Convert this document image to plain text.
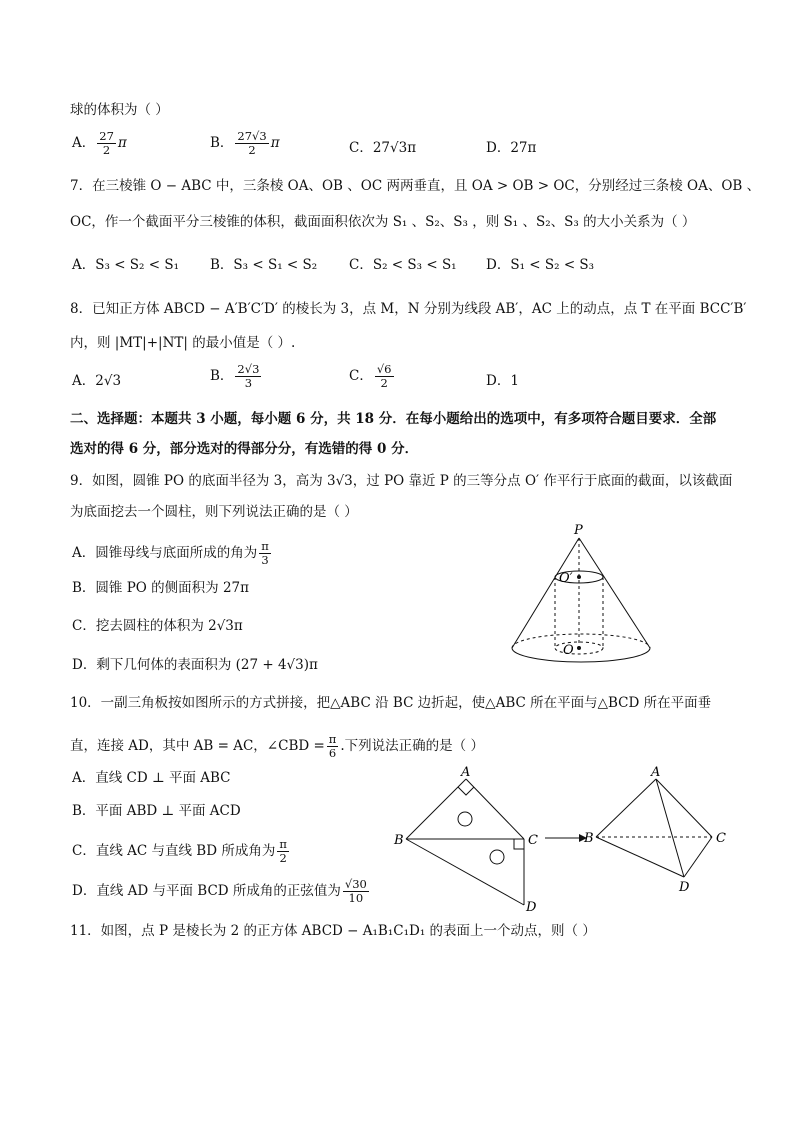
球的体积为（ ）
A． $\frac{27}{2}$ π	B． $\frac{27√3}{2}$ π	C．27√3π	D．27π
7．在三棱锥 O − ABC 中，三条棱 OA、OB 、OC 两两垂直，且 OA > OB > OC，分别经过三条棱 OA、OB 、
OC，作一个截面平分三棱锥的体积，截面面积依次为 S₁ 、S₂、S₃ ，则 S₁ 、S₂、S₃ 的大小关系为（ ）
A．S₃ < S₂ < S₁ B．S₃ < S₁ < S₂ C．S₂ < S₃ < S₁ D．S₁ < S₂ < S₃
8．已知正方体 ABCD − A′B′C′D′ 的棱长为 3，点 M，N 分别为线段 AB′，AC 上的动点，点 T 在平面 BCC′B′
内，则 |MT|+|NT| 的最小值是（ ）.
A．2√3	B． $\frac{2√3}{3}$	C． $\frac{√6}{2}$	D．1
二、选择题：本题共 3 小题，每小题 6 分，共 18 分．在每小题给出的选项中，有多项符合题目要求．全部
选对的得 6 分，部分选对的得部分分，有选错的得 0 分．
9．如图，圆锥 PO 的底面半径为 3，高为 3√3，过 PO 靠近 P 的三等分点 O′ 作平行于底面的截面，以该截面
为底面挖去一个圆柱，则下列说法正确的是（ ）
A．圆锥母线与底面所成的角为 $\frac{\pi}{3}$
B．圆锥 PO 的侧面积为 27π
C．挖去圆柱的体积为 2√3π
D．剩下几何体的表面积为 (27 + 4√3)π
P
O′
O
10．一副三角板按如图所示的方式拼接，把△ABC 沿 BC 边折起，使△ABC 所在平面与△BCD 所在平面垂
直，连接 AD，其中 AB = AC，∠CBD = $\frac{\pi}{6}$ .下列说法正确的是（ ）
A．直线 CD ⊥ 平面 ABC
B．平面 ABD ⊥ 平面 ACD
C．直线 AC 与直线 BD 所成角为 $\frac{\pi}{2}$
D．直线 AD 与平面 BCD 所成角的正弦值为 $\frac{√30}{10}$
A
B	C
D
A
B	C
D
11．如图，点 P 是棱长为 2 的正方体 ABCD − A₁B₁C₁D₁ 的表面上一个动点，则（ ）
